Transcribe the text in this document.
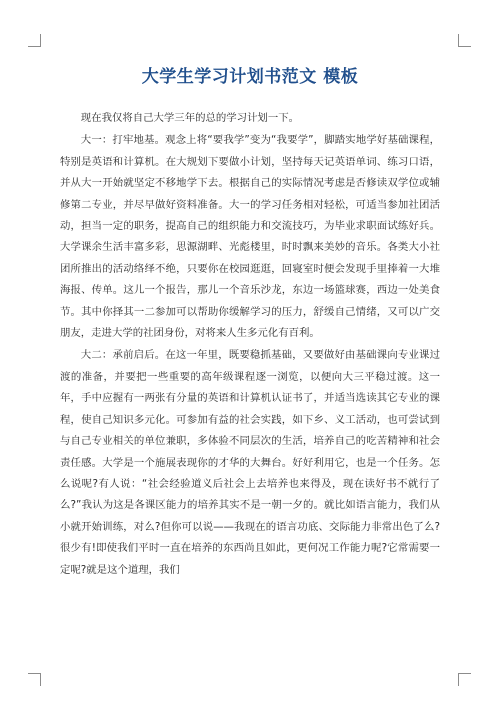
大学生学习计划书范文 模板

现在我仅将自己大学三年的总的学习计划一下。

大一：打牢地基。观念上将“要我学”变为“我要学”，脚踏实地学好基础课程，特别是英语和计算机。在大规划下要做小计划，坚持每天记英语单词、练习口语，并从大一开始就坚定不移地学下去。根据自己的实际情况考虑是否修读双学位或辅修第二专业，并尽早做好资料准备。大一的学习任务相对轻松，可适当参加社团活动，担当一定的职务，提高自己的组织能力和交流技巧，为毕业求职面试练好兵。大学课余生活丰富多彩，思源湖畔、光彪楼里，时时飘来美妙的音乐。各类大小社团所推出的活动络绎不绝，只要你在校园逛逛，回寝室时便会发现手里捧着一大堆海报、传单。这儿一个报告，那儿一个音乐沙龙，东边一场篮球赛，西边一处美食节。其中你择其一二参加可以帮助你缓解学习的压力，舒缓自己情绪，又可以广交朋友，走进大学的社团身份，对将来人生多元化有百利。

大二：承前启后。在这一年里，既要稳抓基础，又要做好由基础课向专业课过渡的准备，并要把一些重要的高年级课程逐一浏览，以便向大三平稳过渡。这一年，手中应握有一两张有分量的英语和计算机认证书了，并适当选读其它专业的课程，使自己知识多元化。可参加有益的社会实践，如下乡、义工活动，也可尝试到与自己专业相关的单位兼职，多体验不同层次的生活，培养自己的吃苦精神和社会责任感。大学是一个施展表现你的才华的大舞台。好好利用它，也是一个任务。怎么说呢?有人说：“社会经验道义后社会上去培养也来得及，现在读好书不就行了么?”我认为这是各课区能力的培养其实不是一朝一夕的。就比如语言能力，我们从小就开始训练，对么?但你可以说——我现在的语言功底、交际能力非常出色了么?很少有!即使我们平时一直在培养的东西尚且如此，更何况工作能力呢?它常需要一定呢?就是这个道理，我们
